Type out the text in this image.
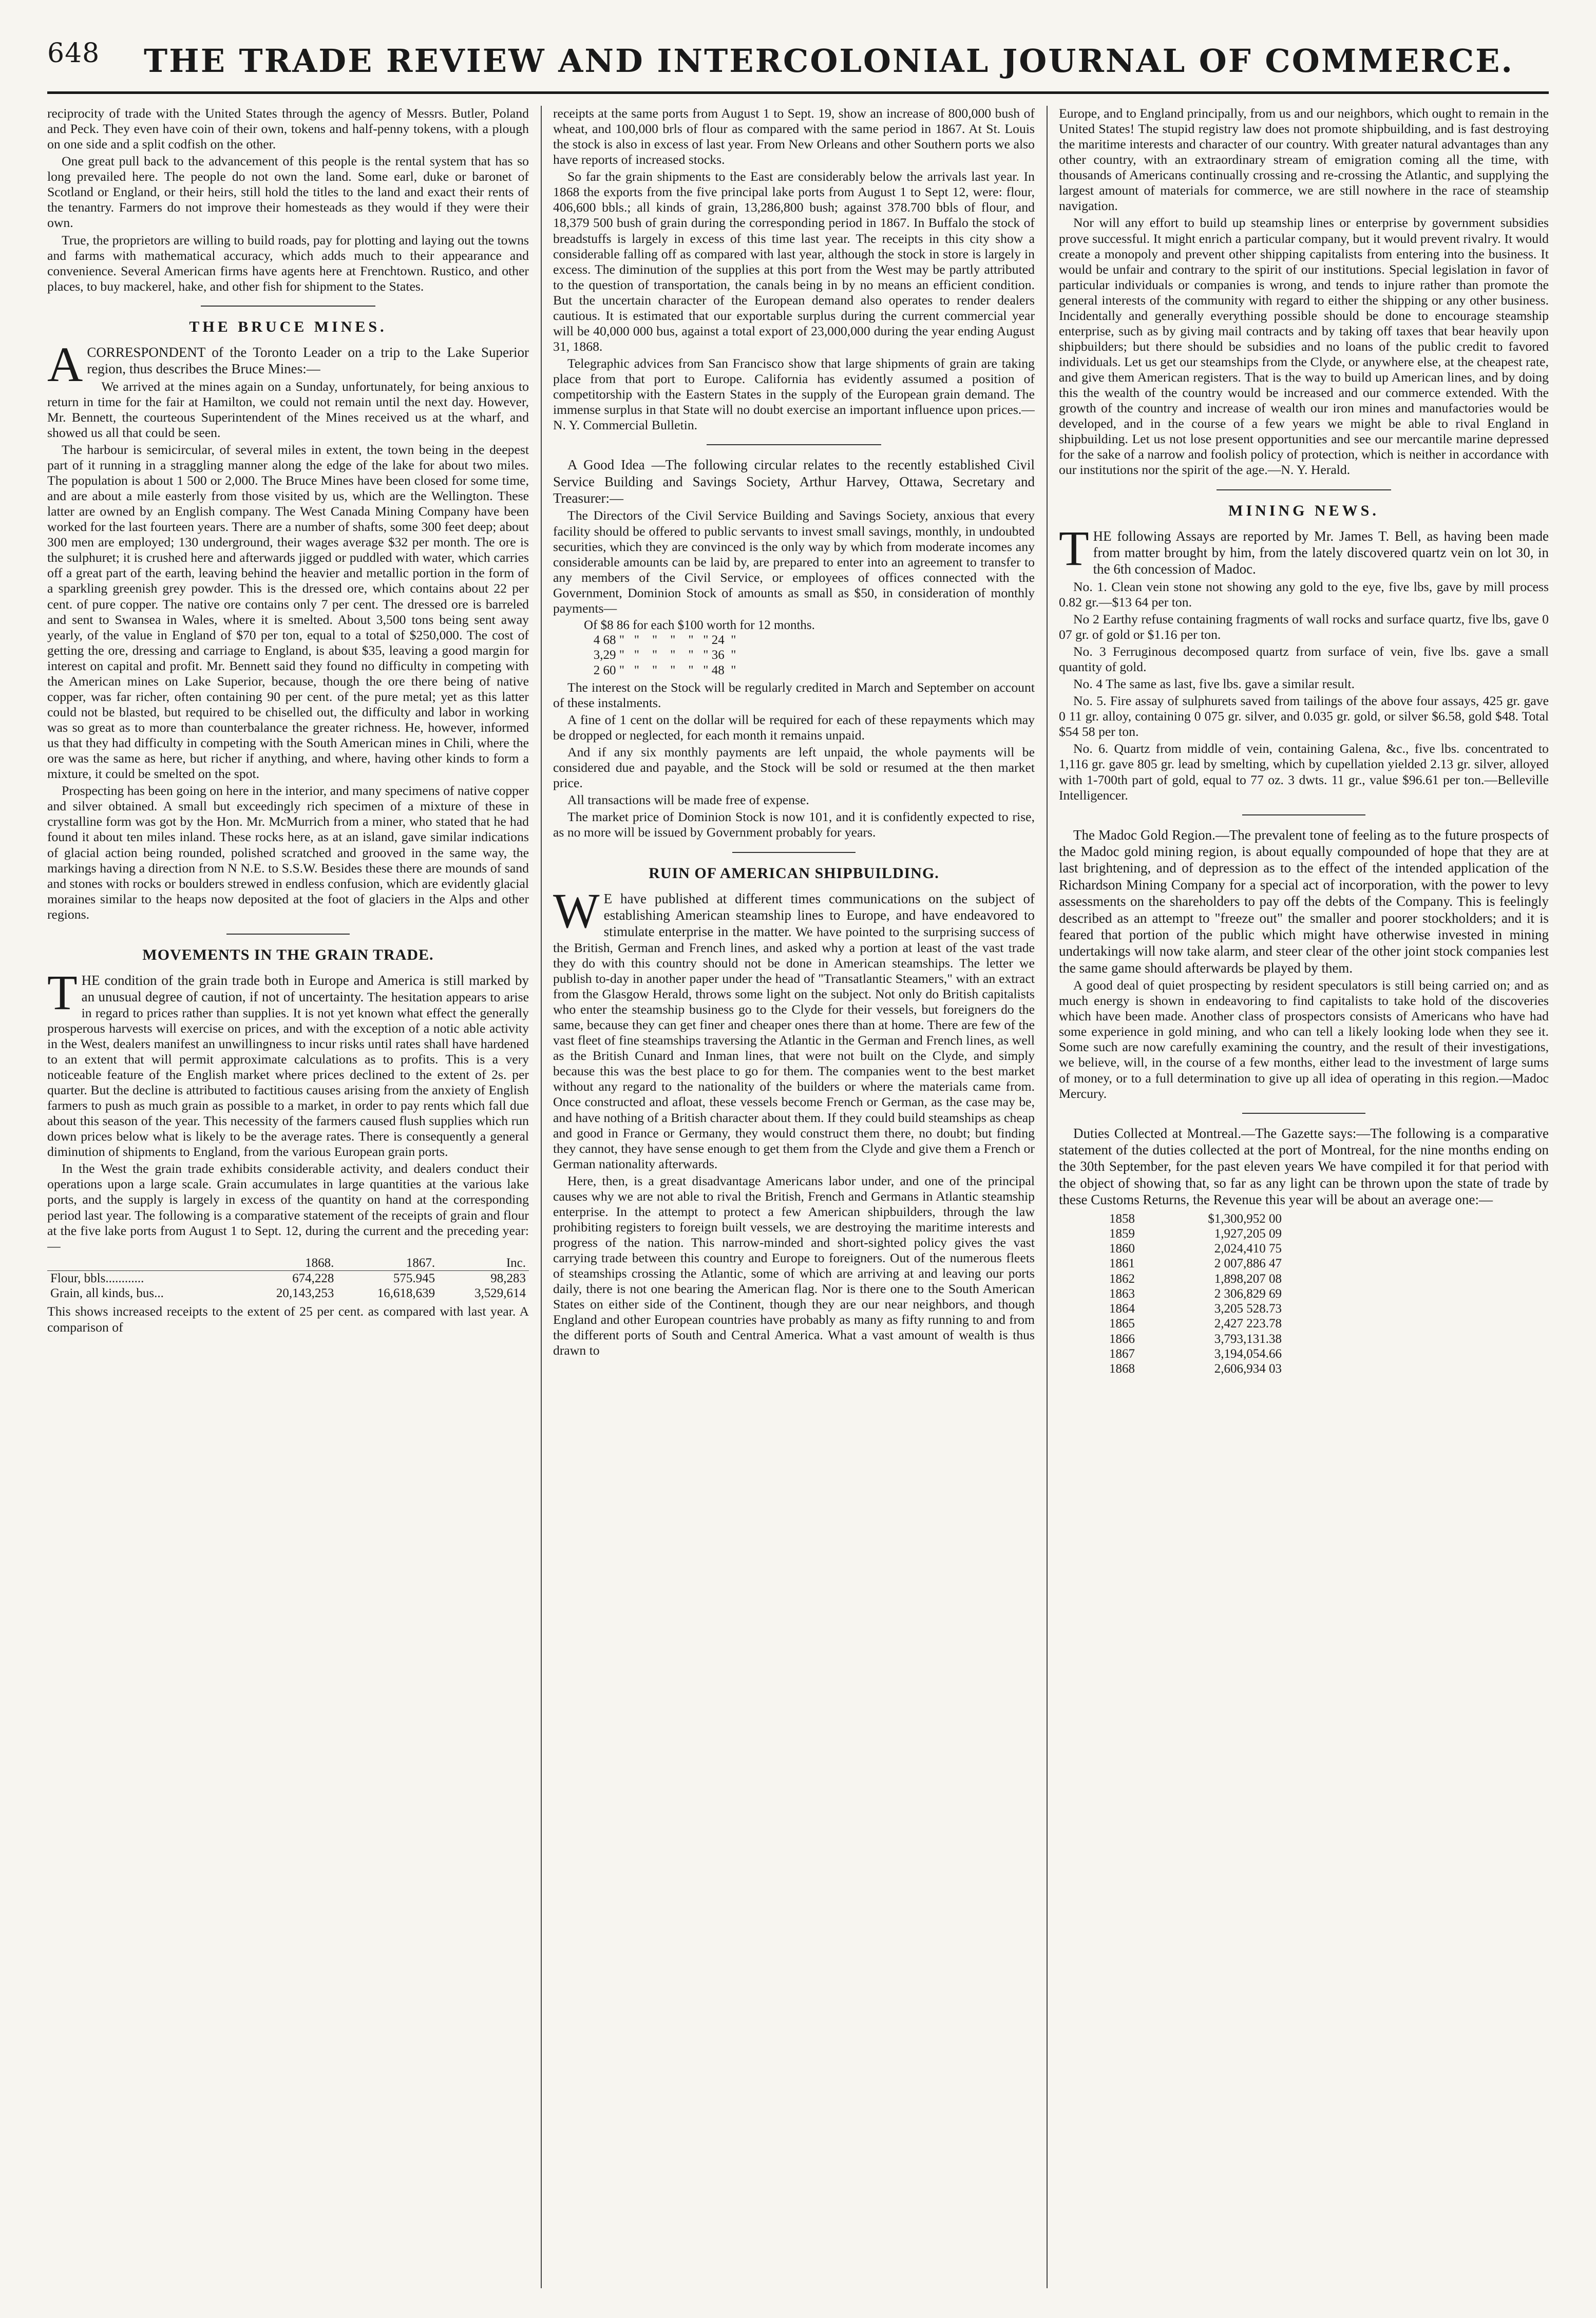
648 THE TRADE REVIEW AND INTERCOLONIAL JOURNAL OF COMMERCE.

reciprocity of trade with the United States through the agency of Messrs. Butler, Poland and Peck. They even have coin of their own, tokens and half-penny tokens, with a plough on one side and a split codfish on the other.

One great pull back to the advancement of this people is the rental system that has so long prevailed here. The people do not own the land. Some earl, duke or baronet of Scotland or England, or their heirs, still hold the titles to the land and exact their rents of the tenantry. Farmers do not improve their homesteads as they would if they were their own.

True, the proprietors are willing to build roads, pay for plotting and laying out the towns and farms with mathematical accuracy, which adds much to their appearance and convenience. Several American firms have agents here at Frenchtown. Rustico, and other places, to buy mackerel, hake, and other fish for shipment to the States.

THE BRUCE MINES.

ACORRESPONDENT of the Toronto Leader on a trip to the Lake Superior region, thus describes the Bruce Mines:—

We arrived at the mines again on a Sunday, unfortunately, for being anxious to return in time for the fair at Hamilton, we could not remain until the next day. However, Mr. Bennett, the courteous Superintendent of the Mines received us at the wharf, and showed us all that could be seen.

The harbour is semicircular, of several miles in extent, the town being in the deepest part of it running in a straggling manner along the edge of the lake for about two miles. The population is about 1 500 or 2,000. The Bruce Mines have been closed for some time, and are about a mile easterly from those visited by us, which are the Wellington. These latter are owned by an English company. The West Canada Mining Company have been worked for the last fourteen years. There are a number of shafts, some 300 feet deep; about 300 men are employed; 130 underground, their wages average $32 per month. The ore is the sulphuret; it is crushed here and afterwards jigged or puddled with water, which carries off a great part of the earth, leaving behind the heavier and metallic portion in the form of a sparkling greenish grey powder. This is the dressed ore, which contains about 22 per cent. of pure copper. The native ore contains only 7 per cent. The dressed ore is barreled and sent to Swansea in Wales, where it is smelted. About 3,500 tons being sent away yearly, of the value in England of $70 per ton, equal to a total of $250,000. The cost of getting the ore, dressing and carriage to England, is about $35, leaving a good margin for interest on capital and profit. Mr. Bennett said they found no difficulty in competing with the American mines on Lake Superior, because, though the ore there being of native copper, was far richer, often containing 90 per cent. of the pure metal; yet as this latter could not be blasted, but required to be chiselled out, the difficulty and labor in working was so great as to more than counterbalance the greater richness. He, however, informed us that they had difficulty in competing with the South American mines in Chili, where the ore was the same as here, but richer if anything, and where, having other kinds to form a mixture, it could be smelted on the spot.

Prospecting has been going on here in the interior, and many specimens of native copper and silver obtained. A small but exceedingly rich specimen of a mixture of these in crystalline form was got by the Hon. Mr. McMurrich from a miner, who stated that he had found it about ten miles inland. These rocks here, as at an island, gave similar indications of glacial action being rounded, polished scratched and grooved in the same way, the markings having a direction from N N.E. to S.S.W. Besides these there are mounds of sand and stones with rocks or boulders strewed in endless confusion, which are evidently glacial moraines similar to the heaps now deposited at the foot of glaciers in the Alps and other regions.

MOVEMENTS IN THE GRAIN TRADE.

THE condition of the grain trade both in Europe and America is still marked by an unusual degree of caution, if not of uncertainty. The hesitation appears to arise in regard to prices rather than supplies. It is not yet known what effect the generally prosperous harvests will exercise on prices, and with the exception of a notic able activity in the West, dealers manifest an unwillingness to incur risks until rates shall have hardened to an extent that will permit approximate calculations as to profits. This is a very noticeable feature of the English market where prices declined to the extent of 2s. per quarter. But the decline is attributed to factitious causes arising from the anxiety of English farmers to push as much grain as possible to a market, in order to pay rents which fall due about this season of the year. This necessity of the farmers caused flush supplies which run down prices below what is likely to be the average rates. There is consequently a general diminution of shipments to England, from the various European grain ports.

In the West the grain trade exhibits considerable activity, and dealers conduct their operations upon a large scale. Grain accumulates in large quantities at the various lake ports, and the supply is largely in excess of the quantity on hand at the corresponding period last year. The following is a comparative statement of the receipts of grain and flour at the five lake ports from August 1 to Sept. 12, during the current and the preceding year:—

	1868.	1867.	Inc.
Flour, bbls............	674,228	575.945	98,283
Grain, all kinds, bus...	20,143,253	16,618,639	3,529,614

This shows increased receipts to the extent of 25 per cent. as compared with last year. A comparison of

receipts at the same ports from August 1 to Sept. 19, show an increase of 800,000 bush of wheat, and 100,000 brls of flour as compared with the same period in 1867. At St. Louis the stock is also in excess of last year. From New Orleans and other Southern ports we also have reports of increased stocks.

So far the grain shipments to the East are considerably below the arrivals last year. In 1868 the exports from the five principal lake ports from August 1 to Sept 12, were: flour, 406,600 bbls.; all kinds of grain, 13,286,800 bush; against 378.700 bbls of flour, and 18,379 500 bush of grain during the corresponding period in 1867. In Buffalo the stock of breadstuffs is largely in excess of this time last year. The receipts in this city show a considerable falling off as compared with last year, although the stock in store is largely in excess. The diminution of the supplies at this port from the West may be partly attributed to the question of transportation, the canals being in by no means an efficient condition. But the uncertain character of the European demand also operates to render dealers cautious. It is estimated that our exportable surplus during the current commercial year will be 40,000 000 bus, against a total export of 23,000,000 during the year ending August 31, 1868.

Telegraphic advices from San Francisco show that large shipments of grain are taking place from that port to Europe. California has evidently assumed a position of competitorship with the Eastern States in the supply of the European grain demand. The immense surplus in that State will no doubt exercise an important influence upon prices.—N. Y. Commercial Bulletin.

A Good Idea —The following circular relates to the recently established Civil Service Building and Savings Society, Arthur Harvey, Ottawa, Secretary and Treasurer:—

The Directors of the Civil Service Building and Savings Society, anxious that every facility should be offered to public servants to invest small savings, monthly, in undoubted securities, which they are convinced is the only way by which from moderate incomes any considerable amounts can be laid by, are prepared to enter into an agreement to transfer to any members of the Civil Service, or employees of offices connected with the Government, Dominion Stock of amounts as small as $50, in consideration of monthly payments—

Of $8 86 for each $100 worth for 12 months.
4 68 "   "    "    "    "   " 24  "
3,29 "   "    "    "    "   " 36  "
2 60 "   "    "    "    "   " 48  "

The interest on the Stock will be regularly credited in March and September on account of these instalments.

A fine of 1 cent on the dollar will be required for each of these repayments which may be dropped or neglected, for each month it remains unpaid.

And if any six monthly payments are left unpaid, the whole payments will be considered due and payable, and the Stock will be sold or resumed at the then market price.

All transactions will be made free of expense.

The market price of Dominion Stock is now 101, and it is confidently expected to rise, as no more will be issued by Government probably for years.

RUIN OF AMERICAN SHIPBUILDING.

W E have published at different times communications on the subject of establishing American steamship lines to Europe, and have endeavored to stimulate enterprise in the matter. We have pointed to the surprising success of the British, German and French lines, and asked why a portion at least of the vast trade they do with this country should not be done in American steamships. The letter we publish to-day in another paper under the head of "Transatlantic Steamers," with an extract from the Glasgow Herald, throws some light on the subject. Not only do British capitalists who enter the steamship business go to the Clyde for their vessels, but foreigners do the same, because they can get finer and cheaper ones there than at home. There are few of the vast fleet of fine steamships traversing the Atlantic in the German and French lines, as well as the British Cunard and Inman lines, that were not built on the Clyde, and simply because this was the best place to go for them. The companies went to the best market without any regard to the nationality of the builders or where the materials came from. Once constructed and afloat, these vessels become French or German, as the case may be, and have nothing of a British character about them. If they could build steamships as cheap and good in France or Germany, they would construct them there, no doubt; but finding they cannot, they have sense enough to get them from the Clyde and give them a French or German nationality afterwards.

Here, then, is a great disadvantage Americans labor under, and one of the principal causes why we are not able to rival the British, French and Germans in Atlantic steamship enterprise. In the attempt to protect a few American shipbuilders, through the law prohibiting registers to foreign built vessels, we are destroying the maritime interests and progress of the nation. This narrow-minded and short-sighted policy gives the vast carrying trade between this country and Europe to foreigners. Out of the numerous fleets of steamships crossing the Atlantic, some of which are arriving at and leaving our ports daily, there is not one bearing the American flag. Nor is there one to the South American States on either side of the Continent, though they are our near neighbors, and though England and other European countries have probably as many as fifty running to and from the different ports of South and Central America. What a vast amount of wealth is thus drawn to

Europe, and to England principally, from us and our neighbors, which ought to remain in the United States! The stupid registry law does not promote shipbuilding, and is fast destroying the maritime interests and character of our country. With greater natural advantages than any other country, with an extraordinary stream of emigration coming all the time, with thousands of Americans continually crossing and re-crossing the Atlantic, and supplying the largest amount of materials for commerce, we are still nowhere in the race of steamship navigation.

Nor will any effort to build up steamship lines or enterprise by government subsidies prove successful. It might enrich a particular company, but it would prevent rivalry. It would create a monopoly and prevent other shipping capitalists from entering into the business. It would be unfair and contrary to the spirit of our institutions. Special legislation in favor of particular individuals or companies is wrong, and tends to injure rather than promote the general interests of the community with regard to either the shipping or any other business. Incidentally and generally everything possible should be done to encourage steamship enterprise, such as by giving mail contracts and by taking off taxes that bear heavily upon shipbuilders; but there should be subsidies and no loans of the public credit to favored individuals. Let us get our steamships from the Clyde, or anywhere else, at the cheapest rate, and give them American registers. That is the way to build up American lines, and by doing this the wealth of the country would be increased and our commerce extended. With the growth of the country and increase of wealth our iron mines and manufactories would be developed, and in the course of a few years we might be able to rival England in shipbuilding. Let us not lose present opportunities and see our mercantile marine depressed for the sake of a narrow and foolish policy of protection, which is neither in accordance with our institutions nor the spirit of the age.—N. Y. Herald.

MINING NEWS.

THE following Assays are reported by Mr. James T. Bell, as having been made from matter brought by him, from the lately discovered quartz vein on lot 30, in the 6th concession of Madoc.

No. 1. Clean vein stone not showing any gold to the eye, five lbs, gave by mill process 0.82 gr.—$13 64 per ton.

No 2 Earthy refuse containing fragments of wall rocks and surface quartz, five lbs, gave 0 07 gr. of gold or $1.16 per ton.

No. 3 Ferruginous decomposed quartz from surface of vein, five lbs. gave a small quantity of gold.

No. 4 The same as last, five lbs. gave a similar result.

No. 5. Fire assay of sulphurets saved from tailings of the above four assays, 425 gr. gave 0 11 gr. alloy, containing 0 075 gr. silver, and 0.035 gr. gold, or silver $6.58, gold $48. Total $54 58 per ton.

No. 6. Quartz from middle of vein, containing Galena, &c., five lbs. concentrated to 1,116 gr. gave 805 gr. lead by smelting, which by cupellation yielded 2.13 gr. silver, alloyed with 1-700th part of gold, equal to 77 oz. 3 dwts. 11 gr., value $96.61 per ton.—Belleville Intelligencer.

The Madoc Gold Region.—The prevalent tone of feeling as to the future prospects of the Madoc gold mining region, is about equally compounded of hope that they are at last brightening, and of depression as to the effect of the intended application of the Richardson Mining Company for a special act of incorporation, with the power to levy assessments on the shareholders to pay off the debts of the Company. This is feelingly described as an attempt to "freeze out" the smaller and poorer stockholders; and it is feared that portion of the public which might have otherwise invested in mining undertakings will now take alarm, and steer clear of the other joint stock companies lest the same game should afterwards be played by them.

A good deal of quiet prospecting by resident speculators is still being carried on; and as much energy is shown in endeavoring to find capitalists to take hold of the discoveries which have been made. Another class of prospectors consists of Americans who have had some experience in gold mining, and who can tell a likely looking lode when they see it. Some such are now carefully examining the country, and the result of their investigations, we believe, will, in the course of a few months, either lead to the investment of large sums of money, or to a full determination to give up all idea of operating in this region.—Madoc Mercury.

Duties Collected at Montreal.—The Gazette says:—The following is a comparative statement of the duties collected at the port of Montreal, for the nine months ending on the 30th September, for the past eleven years We have compiled it for that period with the object of showing that, so far as any light can be thrown upon the state of trade by these Customs Returns, the Revenue this year will be about an average one:—

1858	$1,300,952 00
1859	1,927,205 09
1860	2,024,410 75
1861	2 007,886 47
1862	1,898,207 08
1863	2 306,829 69
1864	3,205 528.73
1865	2,427 223.78
1866	3,793,131.38
1867	3,194,054.66
1868	2,606,934 03
